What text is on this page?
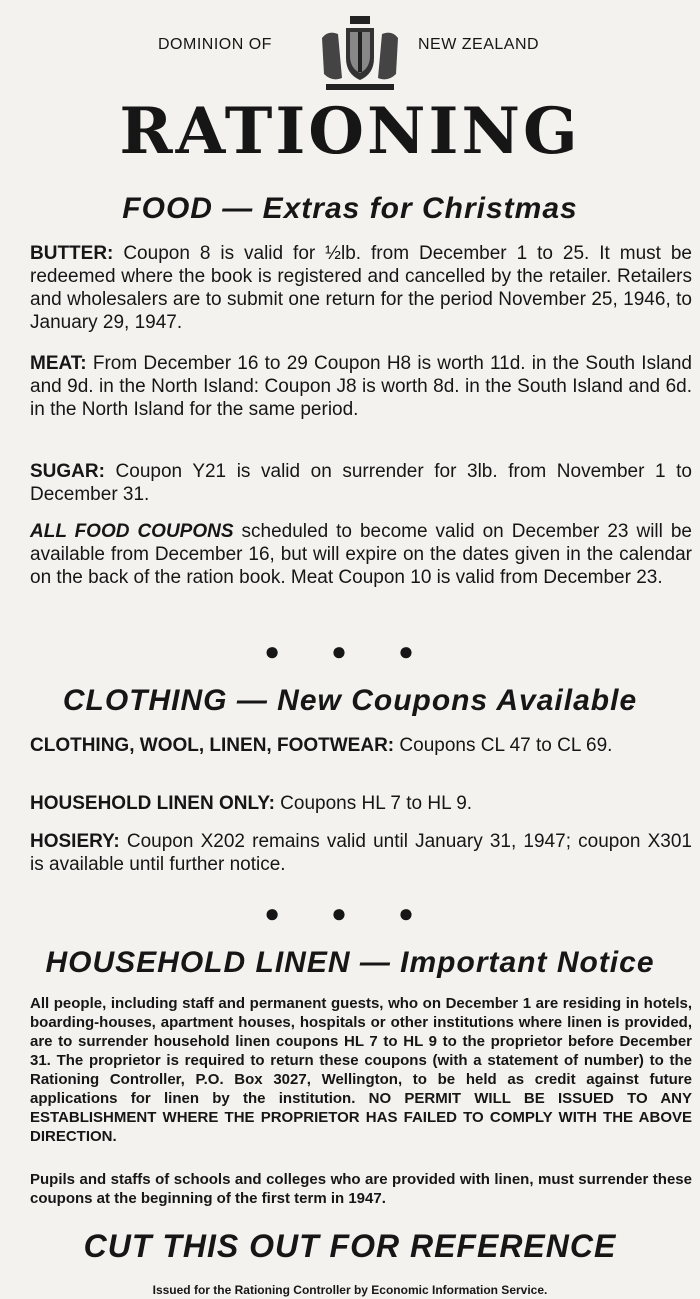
DOMINION OF	NEW ZEALAND
RATIONING
FOOD — Extras for Christmas
BUTTER: Coupon 8 is valid for ½lb. from December 1 to 25. It must be redeemed where the book is registered and cancelled by the retailer. Retailers and wholesalers are to submit one return for the period November 25, 1946, to January 29, 1947.
MEAT: From December 16 to 29 Coupon H8 is worth 11d. in the South Island and 9d. in the North Island: Coupon J8 is worth 8d. in the South Island and 6d. in the North Island for the same period.
SUGAR: Coupon Y21 is valid on surrender for 3lb. from November 1 to December 31.
ALL FOOD COUPONS scheduled to become valid on December 23 will be available from December 16, but will expire on the dates given in the calendar on the back of the ration book. Meat Coupon 10 is valid from December 23.
● ● ●
CLOTHING — New Coupons Available
CLOTHING, WOOL, LINEN, FOOTWEAR: Coupons CL 47 to CL 69.
HOUSEHOLD LINEN ONLY: Coupons HL 7 to HL 9.
HOSIERY: Coupon X202 remains valid until January 31, 1947; coupon X301 is available until further notice.
● ● ●
HOUSEHOLD LINEN — Important Notice
All people, including staff and permanent guests, who on December 1 are residing in hotels, boarding-houses, apartment houses, hospitals or other institutions where linen is provided, are to surrender household linen coupons HL 7 to HL 9 to the proprietor before December 31. The proprietor is required to return these coupons (with a statement of number) to the Rationing Controller, P.O. Box 3027, Wellington, to be held as credit against future applications for linen by the institution. NO PERMIT WILL BE ISSUED TO ANY ESTABLISHMENT WHERE THE PROPRIETOR HAS FAILED TO COMPLY WITH THE ABOVE DIRECTION.
Pupils and staffs of schools and colleges who are provided with linen, must surrender these coupons at the beginning of the first term in 1947.
CUT THIS OUT FOR REFERENCE
Issued for the Rationing Controller by Economic Information Service.
